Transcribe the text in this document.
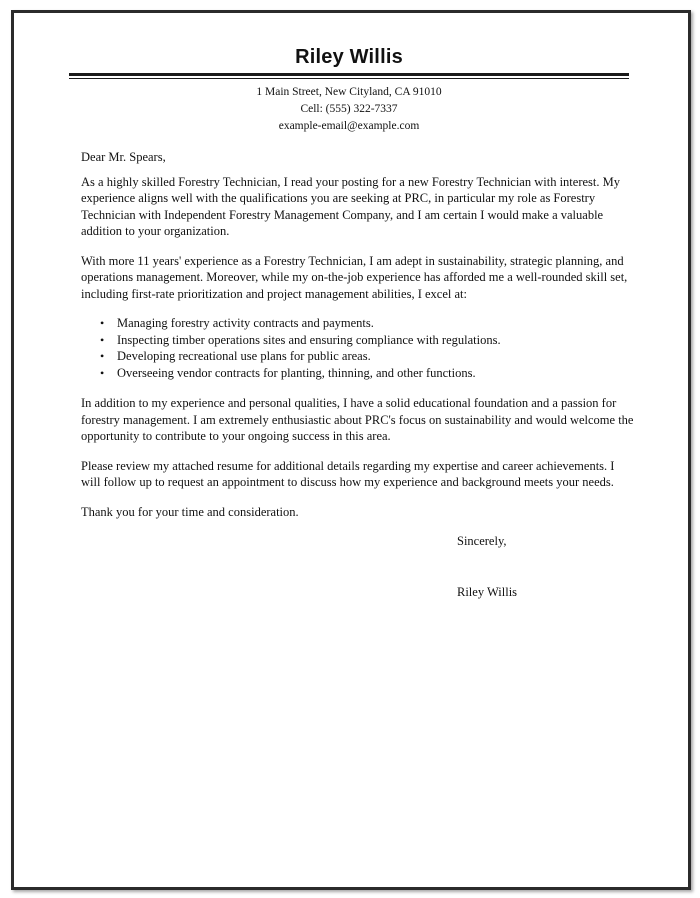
Riley Willis
1 Main Street, New Cityland, CA 91010
Cell: (555) 322-7337
example-email@example.com

Dear Mr. Spears,

As a highly skilled Forestry Technician, I read your posting for a new Forestry Technician with interest. My experience aligns well with the qualifications you are seeking at PRC, in particular my role as Forestry Technician with Independent Forestry Management Company, and I am certain I would make a valuable addition to your organization.

With more 11 years' experience as a Forestry Technician, I am adept in sustainability, strategic planning, and operations management. Moreover, while my on-the-job experience has afforded me a well-rounded skill set, including first-rate prioritization and project management abilities, I excel at:

• Managing forestry activity contracts and payments.
• Inspecting timber operations sites and ensuring compliance with regulations.
• Developing recreational use plans for public areas.
• Overseeing vendor contracts for planting, thinning, and other functions.

In addition to my experience and personal qualities, I have a solid educational foundation and a passion for forestry management. I am extremely enthusiastic about PRC's focus on sustainability and would welcome the opportunity to contribute to your ongoing success in this area.

Please review my attached resume for additional details regarding my expertise and career achievements. I will follow up to request an appointment to discuss how my experience and background meets your needs.

Thank you for your time and consideration.

Sincerely,

Riley Willis
